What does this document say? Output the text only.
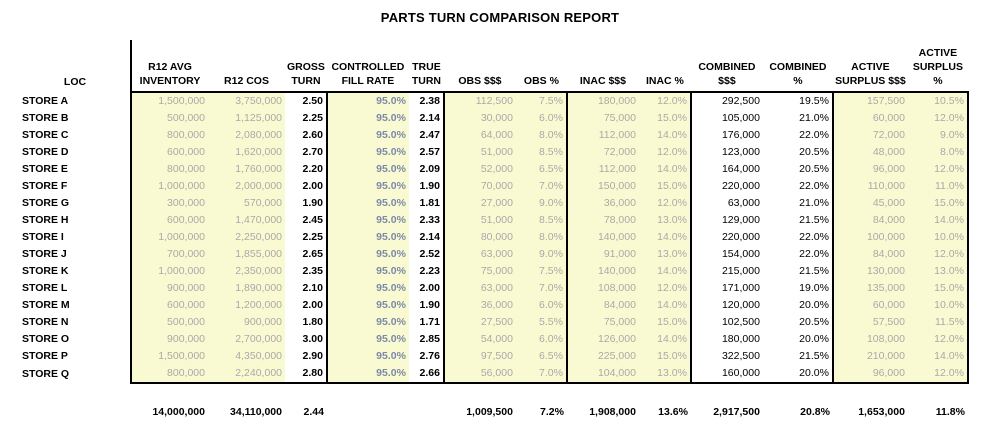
PARTS TURN COMPARISON REPORT
LOC	R12 AVG INVENTORY	R12 COS	GROSS TURN	CONTROLLED FILL RATE	TRUE TURN	OBS $$$	OBS %	INAC $$$	INAC %	COMBINED $$$	COMBINED %	ACTIVE SURPLUS $$$	ACTIVE SURPLUS %
STORE A	1,500,000	3,750,000	2.50	95.0%	2.38	112,500	7.5%	180,000	12.0%	292,500	19.5%	157,500	10.5%
STORE B	500,000	1,125,000	2.25	95.0%	2.14	30,000	6.0%	75,000	15.0%	105,000	21.0%	60,000	12.0%
STORE C	800,000	2,080,000	2.60	95.0%	2.47	64,000	8.0%	112,000	14.0%	176,000	22.0%	72,000	9.0%
STORE D	600,000	1,620,000	2.70	95.0%	2.57	51,000	8.5%	72,000	12.0%	123,000	20.5%	48,000	8.0%
STORE E	800,000	1,760,000	2.20	95.0%	2.09	52,000	6.5%	112,000	14.0%	164,000	20.5%	96,000	12.0%
STORE F	1,000,000	2,000,000	2.00	95.0%	1.90	70,000	7.0%	150,000	15.0%	220,000	22.0%	110,000	11.0%
STORE G	300,000	570,000	1.90	95.0%	1.81	27,000	9.0%	36,000	12.0%	63,000	21.0%	45,000	15.0%
STORE H	600,000	1,470,000	2.45	95.0%	2.33	51,000	8.5%	78,000	13.0%	129,000	21.5%	84,000	14.0%
STORE I	1,000,000	2,250,000	2.25	95.0%	2.14	80,000	8.0%	140,000	14.0%	220,000	22.0%	100,000	10.0%
STORE J	700,000	1,855,000	2.65	95.0%	2.52	63,000	9.0%	91,000	13.0%	154,000	22.0%	84,000	12.0%
STORE K	1,000,000	2,350,000	2.35	95.0%	2.23	75,000	7.5%	140,000	14.0%	215,000	21.5%	130,000	13.0%
STORE L	900,000	1,890,000	2.10	95.0%	2.00	63,000	7.0%	108,000	12.0%	171,000	19.0%	135,000	15.0%
STORE M	600,000	1,200,000	2.00	95.0%	1.90	36,000	6.0%	84,000	14.0%	120,000	20.0%	60,000	10.0%
STORE N	500,000	900,000	1.80	95.0%	1.71	27,500	5.5%	75,000	15.0%	102,500	20.5%	57,500	11.5%
STORE O	900,000	2,700,000	3.00	95.0%	2.85	54,000	6.0%	126,000	14.0%	180,000	20.0%	108,000	12.0%
STORE P	1,500,000	4,350,000	2.90	95.0%	2.76	97,500	6.5%	225,000	15.0%	322,500	21.5%	210,000	14.0%
STORE Q	800,000	2,240,000	2.80	95.0%	2.66	56,000	7.0%	104,000	13.0%	160,000	20.0%	96,000	12.0%

	14,000,000	34,110,000	2.44			1,009,500	7.2%	1,908,000	13.6%	2,917,500	20.8%	1,653,000	11.8%
